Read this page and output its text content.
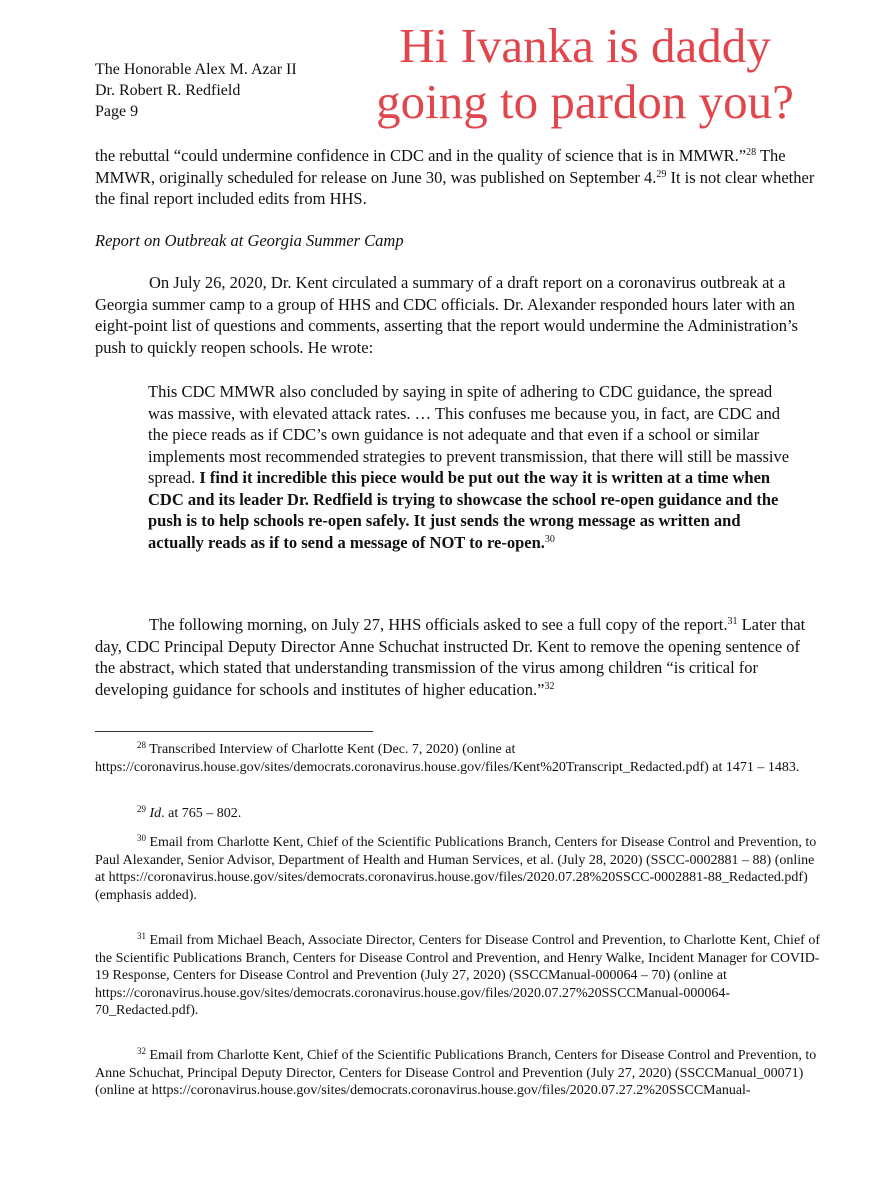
The Honorable Alex M. Azar II
Dr. Robert R. Redfield
Page 9
Hi Ivanka is daddy
going to pardon you?
the rebuttal “could undermine confidence in CDC and in the quality of science that is in MMWR.”$^{28}$ The MMWR, originally scheduled for release on June 30, was published on September 4.29 It is not clear whether the final report included edits from HHS.
Report on Outbreak at Georgia Summer Camp
On July 26, 2020, Dr. Kent circulated a summary of a draft report on a coronavirus outbreak at a Georgia summer camp to a group of HHS and CDC officials. Dr. Alexander responded hours later with an eight-point list of questions and comments, asserting that the report would undermine the Administration’s push to quickly reopen schools. He wrote:
This CDC MMWR also concluded by saying in spite of adhering to CDC guidance, the spread was massive, with elevated attack rates. … This confuses me because you, in fact, are CDC and the piece reads as if CDC’s own guidance is not adequate and that even if a school or similar implements most recommended strategies to prevent transmission, that there will still be massive spread. I find it incredible this piece would be put out the way it is written at a time when CDC and its leader Dr. Redfield is trying to showcase the school re-open guidance and the push is to help schools re-open safely. It just sends the wrong message as written and actually reads as if to send a message of NOT to re-open.$^{30}$
The following morning, on July 27, HHS officials asked to see a full copy of the report.$^{31}$ Later that day, CDC Principal Deputy Director Anne Schuchat instructed Dr. Kent to remove the opening sentence of the abstract, which stated that understanding transmission of the virus among children “is critical for developing guidance for schools and institutes of higher education.”$^{32}$

$^{28}$ Transcribed Interview of Charlotte Kent (Dec. 7, 2020) (online at https://coronavirus.house.gov/sites/democrats.coronavirus.house.gov/files/Kent%20Transcript_Redacted.pdf) at 1471 – 1483.

$^{29}$ Id. at 765 – 802.

$^{30}$ Email from Charlotte Kent, Chief of the Scientific Publications Branch, Centers for Disease Control and Prevention, to Paul Alexander, Senior Advisor, Department of Health and Human Services, et al. (July 28, 2020) (SSCC-0002881 – 88) (online at https://coronavirus.house.gov/sites/democrats.coronavirus.house.gov/files/2020.07.28%20SSCC-0002881-88_Redacted.pdf) (emphasis added).

$^{31}$ Email from Michael Beach, Associate Director, Centers for Disease Control and Prevention, to Charlotte Kent, Chief of the Scientific Publications Branch, Centers for Disease Control and Prevention, and Henry Walke, Incident Manager for COVID-19 Response, Centers for Disease Control and Prevention (July 27, 2020) (SSCCManual-000064 – 70) (online at https://coronavirus.house.gov/sites/democrats.coronavirus.house.gov/files/2020.07.27%20SSCCManual-000064-70_Redacted.pdf).

$^{32}$ Email from Charlotte Kent, Chief of the Scientific Publications Branch, Centers for Disease Control and Prevention, to Anne Schuchat, Principal Deputy Director, Centers for Disease Control and Prevention (July 27, 2020) (SSCCManual_00071) (online at https://coronavirus.house.gov/sites/democrats.coronavirus.house.gov/files/2020.07.27.2%20SSCCManual-
